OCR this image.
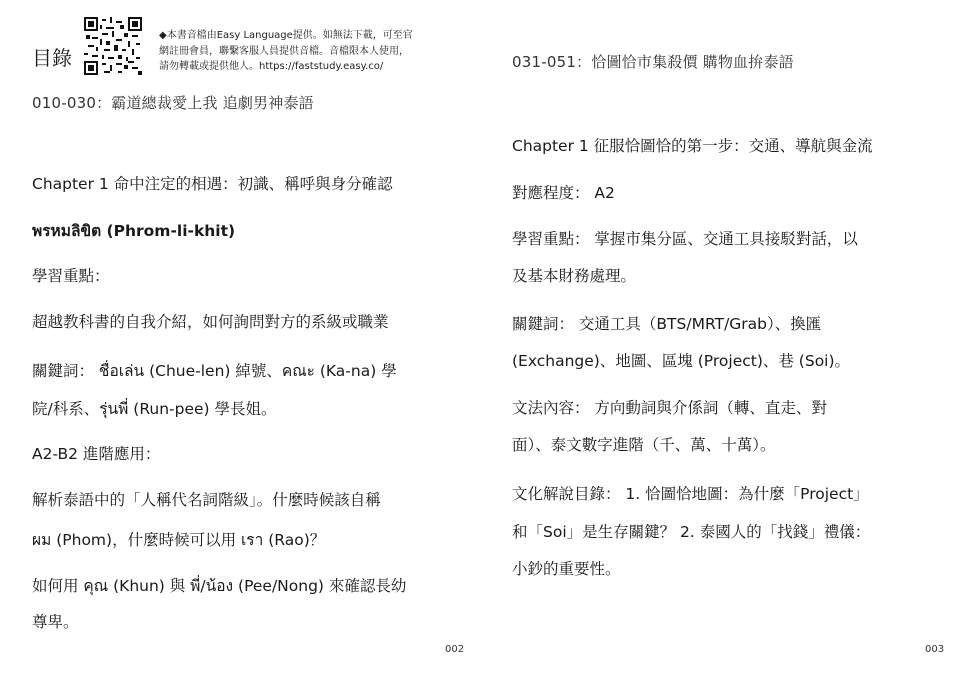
目錄
◆本書音檔由Easy Language提供。如無法下載，可至官
網註冊會員，聯繫客服人員提供音檔。音檔限本人使用，
請勿轉載或提供他人。https://faststudy.easy.co/
010-030：霸道總裁愛上我 追劇男神泰語
Chapter 1 命中注定的相遇：初識、稱呼與身分確認
พรหมลิขิต (Phrom-li-khit)
學習重點：
超越教科書的自我介紹，如何詢問對方的系級或職業
關鍵詞： ชื่อเล่น (Chue-len) 綽號、คณะ (Ka-na) 學
院/科系、รุ่นพี่ (Run-pee) 學長姐。
A2-B2 進階應用：
解析泰語中的「人稱代名詞階級」。什麼時候該自稱
ผม (Phom)，什麼時候可以用 เรา (Rao)？
如何用 คุณ (Khun) 與 พี่/น้อง (Pee/Nong) 來確認長幼
尊卑。
002
031-051：恰圖恰市集殺價 購物血拚泰語
Chapter 1 征服恰圖恰的第一步：交通、導航與金流
對應程度： A2
學習重點： 掌握市集分區、交通工具接駁對話，以
及基本財務處理。
關鍵詞： 交通工具（BTS/MRT/Grab）、換匯
(Exchange)、地圖、區塊 (Project)、巷 (Soi)。
文法內容： 方向動詞與介係詞（轉、直走、對
面）、泰文數字進階（千、萬、十萬）。
文化解說目錄： 1. 恰圖恰地圖：為什麼「Project」
和「Soi」是生存關鍵？ 2. 泰國人的「找錢」禮儀：
小鈔的重要性。
003
